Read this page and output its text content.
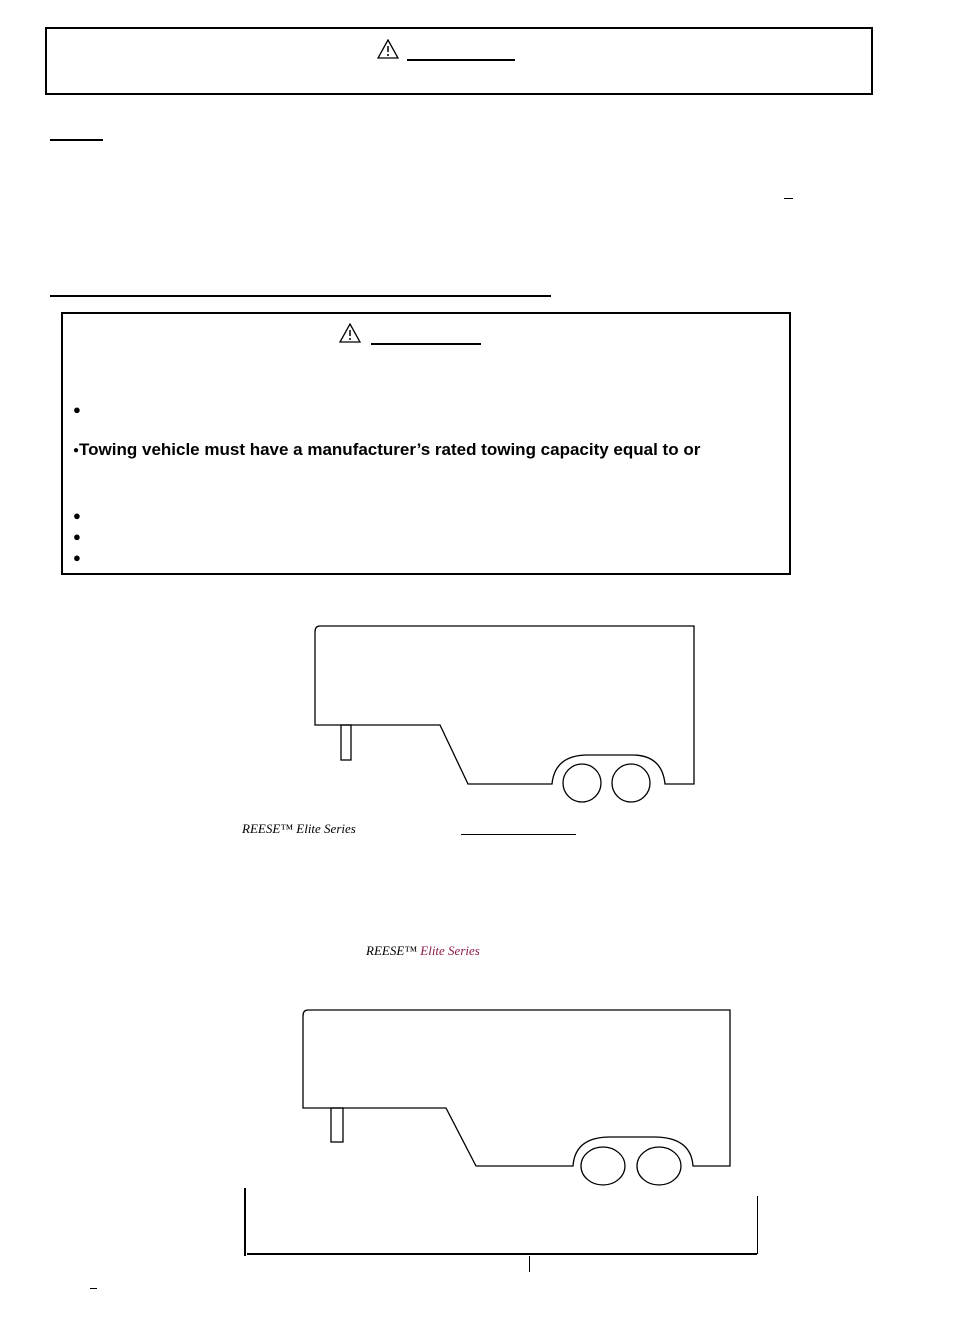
●
●Towing vehicle must have a manufacturer’s rated towing capacity equal to or
●
●
●
REESE™ Elite Series
REESE™ Elite Series
